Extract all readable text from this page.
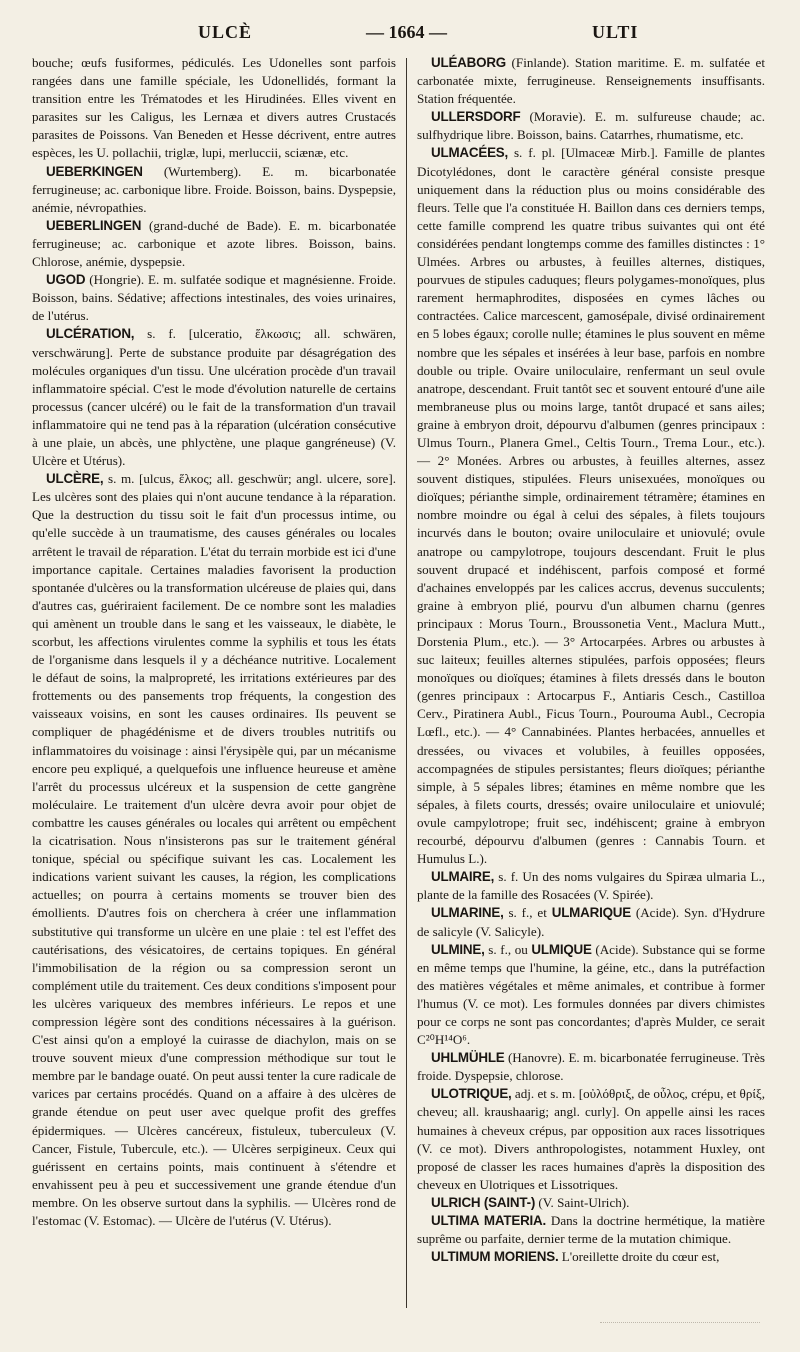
ULCÈ	— 1664 —	ULTI

bouche; œufs fusiformes, pédiculés. Les Udonelles sont parfois rangées dans une famille spéciale, les Udonellidés, formant la transition entre les Trématodes et les Hirudinées. Elles vivent en parasites sur les Caligus, les Lernæa et divers autres Crustacés parasites de Poissons. Van Beneden et Hesse décrivent, entre autres espèces, les U. pollachii, triglæ, lupi, merluccii, sciænæ, etc.

UEBERKINGEN (Wurtemberg). E. m. bicarbonatée ferrugineuse; ac. carbonique libre. Froide. Boisson, bains. Dyspepsie, anémie, névropathies.

UEBERLINGEN (grand-duché de Bade). E. m. bicarbonatée ferrugineuse; ac. carbonique et azote libres. Boisson, bains. Chlorose, anémie, dyspepsie.

UGOD (Hongrie). E. m. sulfatée sodique et magnésienne. Froide. Boisson, bains. Sédative; affections intestinales, des voies urinaires, de l'utérus.

ULCÉRATION, s. f. [ulceratio, ἕλκωσις; all. schwären, verschwärung]. Perte de substance produite par désagrégation des molécules organiques d'un tissu. Une ulcération procède d'un travail inflammatoire spécial. C'est le mode d'évolution naturelle de certains processus (cancer ulcéré) ou le fait de la transformation d'un travail inflammatoire qui ne tend pas à la réparation (ulcération consécutive à une plaie, un abcès, une phlyctène, une plaque gangréneuse) (V. Ulcère et Utérus).

ULCÈRE, s. m. [ulcus, ἕλκος; all. geschwür; angl. ulcere, sore]. Les ulcères sont des plaies qui n'ont aucune tendance à la réparation. Que la destruction du tissu soit le fait d'un processus intime, ou qu'elle succède à un traumatisme, des causes générales ou locales arrêtent le travail de réparation. L'état du terrain morbide est ici d'une importance capitale. Certaines maladies favorisent la production spontanée d'ulcères ou la transformation ulcéreuse de plaies qui, dans d'autres cas, guériraient facilement. De ce nombre sont les maladies qui amènent un trouble dans le sang et les vaisseaux, le diabète, le scorbut, les affections virulentes comme la syphilis et tous les états de l'organisme dans lesquels il y a déchéance nutritive. Localement le défaut de soins, la malpropreté, les irritations extérieures par des frottements ou des pansements trop fréquents, la congestion des vaisseaux voisins, en sont les causes ordinaires. Ils peuvent se compliquer de phagédénisme et de divers troubles nutritifs ou inflammatoires du voisinage : ainsi l'érysipèle qui, par un mécanisme encore peu expliqué, a quelquefois une influence heureuse et amène l'arrêt du processus ulcéreux et la suspension de cette gangrène moléculaire. Le traitement d'un ulcère devra avoir pour objet de combattre les causes générales ou locales qui arrêtent ou empêchent la cicatrisation. Nous n'insisterons pas sur le traitement général tonique, spécial ou spécifique suivant les cas. Localement les indications varient suivant les causes, la région, les complications actuelles; on pourra à certains moments se trouver bien des émollients. D'autres fois on cherchera à créer une inflammation substitutive qui transforme un ulcère en une plaie : tel est l'effet des cautérisations, des vésicatoires, de certains topiques. En général l'immobilisation de la région ou sa compression seront un complément utile du traitement. Ces deux conditions s'imposent pour les ulcères variqueux des membres inférieurs. Le repos et une compression légère sont des conditions nécessaires à la guérison. C'est ainsi qu'on a employé la cuirasse de diachylon, mais on se trouve souvent mieux d'une compression méthodique sur tout le membre par le bandage ouaté. On peut aussi tenter la cure radicale de varices par certains procédés. Quand on a affaire à des ulcères de grande étendue on peut user avec quelque profit des greffes épidermiques. — Ulcères cancéreux, fistuleux, tuberculeux (V. Cancer, Fistule, Tubercule, etc.). — Ulcères serpigineux. Ceux qui guérissent en certains points, mais continuent à s'étendre et envahissent peu à peu et successivement une grande étendue d'un membre. On les observe surtout dans la syphilis. — Ulcères rond de l'estomac (V. Estomac). — Ulcère de l'utérus (V. Utérus).

ULÉABORG (Finlande). Station maritime. E. m. sulfatée et carbonatée mixte, ferrugineuse. Renseignements insuffisants. Station fréquentée.

ULLERSDORF (Moravie). E. m. sulfureuse chaude; ac. sulfhydrique libre. Boisson, bains. Catarrhes, rhumatisme, etc.

ULMACÉES, s. f. pl. [Ulmaceæ Mirb.]. Famille de plantes Dicotylédones, dont le caractère général consiste presque uniquement dans la réduction plus ou moins considérable des fleurs. Telle que l'a constituée H. Baillon dans ces derniers temps, cette famille comprend les quatre tribus suivantes qui ont été considérées pendant longtemps comme des familles distinctes : 1° Ulmées. Arbres ou arbustes, à feuilles alternes, distiques, pourvues de stipules caduques; fleurs polygames-monoïques, plus rarement hermaphrodites, disposées en cymes lâches ou contractées. Calice marcescent, gamosépale, divisé ordinairement en 5 lobes égaux; corolle nulle; étamines le plus souvent en même nombre que les sépales et insérées à leur base, parfois en nombre double ou triple. Ovaire uniloculaire, renfermant un seul ovule anatrope, descendant. Fruit tantôt sec et souvent entouré d'une aile membraneuse plus ou moins large, tantôt drupacé et sans ailes; graine à embryon droit, dépourvu d'albumen (genres principaux : Ulmus Tourn., Planera Gmel., Celtis Tourn., Trema Lour., etc.). — 2° Monées. Arbres ou arbustes, à feuilles alternes, assez souvent distiques, stipulées. Fleurs unisexuées, monoïques ou dioïques; périanthe simple, ordinairement tétramère; étamines en nombre moindre ou égal à celui des sépales, à filets toujours incurvés dans le bouton; ovaire uniloculaire et uniovulé; ovule anatrope ou campylotrope, toujours descendant. Fruit le plus souvent drupacé et indéhiscent, parfois composé et formé d'achaines enveloppés par les calices accrus, devenus succulents; graine à embryon plié, pourvu d'un albumen charnu (genres principaux : Morus Tourn., Broussonetia Vent., Maclura Mutt., Dorstenia Plum., etc.). — 3° Artocarpées. Arbres ou arbustes à suc laiteux; feuilles alternes stipulées, parfois opposées; fleurs monoïques ou dioïques; étamines à filets dressés dans le bouton (genres principaux : Artocarpus F., Antiaris Cesch., Castilloa Cerv., Piratinera Aubl., Ficus Tourn., Pourouma Aubl., Cecropia Lœfl., etc.). — 4° Cannabinées. Plantes herbacées, annuelles et dressées, ou vivaces et volubiles, à feuilles opposées, accompagnées de stipules persistantes; fleurs dioïques; périanthe simple, à 5 sépales libres; étamines en même nombre que les sépales, à filets courts, dressés; ovaire uniloculaire et uniovulé; ovule campylotrope; fruit sec, indéhiscent; graine à embryon recourbé, dépourvu d'albumen (genres : Cannabis Tourn. et Humulus L.).

ULMAIRE, s. f. Un des noms vulgaires du Spiræa ulmaria L., plante de la famille des Rosacées (V. Spirée).

ULMARINE, s. f., et ULMARIQUE (Acide). Syn. d'Hydrure de salicyle (V. Salicyle).

ULMINE, s. f., ou ULMIQUE (Acide). Substance qui se forme en même temps que l'humine, la géine, etc., dans la putréfaction des matières végétales et même animales, et contribue à former l'humus (V. ce mot). Les formules données par divers chimistes pour ce corps ne sont pas concordantes; d'après Mulder, ce serait C²⁰H¹⁴O⁶.

UHLMÜHLE (Hanovre). E. m. bicarbonatée ferrugineuse. Très froide. Dyspepsie, chlorose.

ULOTRIQUE, adj. et s. m. [οὐλόθριξ, de οὖλος, crépu, et θρίξ, cheveu; all. kraushaarig; angl. curly]. On appelle ainsi les races humaines à cheveux crépus, par opposition aux races lissotriques (V. ce mot). Divers anthropologistes, notamment Huxley, ont proposé de classer les races humaines d'après la disposition des cheveux en Ulotriques et Lissotriques.

ULRICH (SAINT-) (V. Saint-Ulrich).

ULTIMA MATERIA. Dans la doctrine hermétique, la matière suprême ou parfaite, dernier terme de la mutation chimique.

ULTIMUM MORIENS. L'oreillette droite du cœur est,
